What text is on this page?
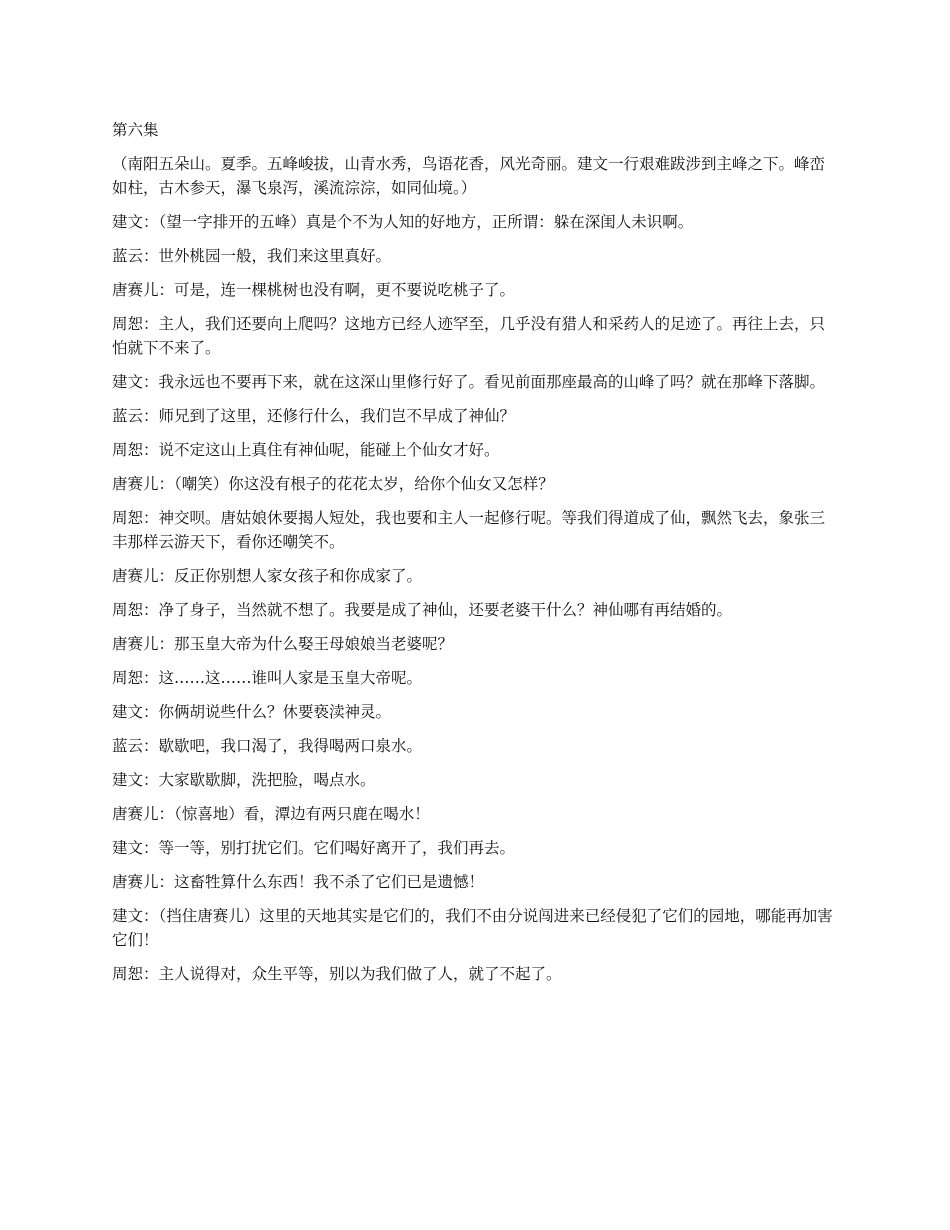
第六集
（南阳五朵山。夏季。五峰峻拔，山青水秀，鸟语花香，风光奇丽。建文一行艰难跋涉到主峰之下。峰峦如柱，古木参天，瀑飞泉泻，溪流淙淙，如同仙境。）
建文：（望一字排开的五峰）真是个不为人知的好地方，正所谓：躲在深闺人未识啊。
蓝云：世外桃园一般，我们来这里真好。
唐赛儿：可是，连一棵桃树也没有啊，更不要说吃桃子了。
周恕：主人，我们还要向上爬吗？这地方已经人迹罕至，几乎没有猎人和采药人的足迹了。再往上去，只怕就下不来了。
建文：我永远也不要再下来，就在这深山里修行好了。看见前面那座最高的山峰了吗？就在那峰下落脚。
蓝云：师兄到了这里，还修行什么，我们岂不早成了神仙？
周恕：说不定这山上真住有神仙呢，能碰上个仙女才好。
唐赛儿：（嘲笑）你这没有根子的花花太岁，给你个仙女又怎样？
周恕：神交呗。唐姑娘休要揭人短处，我也要和主人一起修行呢。等我们得道成了仙，飘然飞去，象张三丰那样云游天下，看你还嘲笑不。
唐赛儿：反正你别想人家女孩子和你成家了。
周恕：净了身子，当然就不想了。我要是成了神仙，还要老婆干什么？神仙哪有再结婚的。
唐赛儿：那玉皇大帝为什么娶王母娘娘当老婆呢？
周恕：这……这……谁叫人家是玉皇大帝呢。
建文：你俩胡说些什么？休要亵渎神灵。
蓝云：歇歇吧，我口渴了，我得喝两口泉水。
建文：大家歇歇脚，洗把脸，喝点水。
唐赛儿：（惊喜地）看，潭边有两只鹿在喝水！
建文：等一等，别打扰它们。它们喝好离开了，我们再去。
唐赛儿：这畜牲算什么东西！我不杀了它们已是遗憾！
建文：（挡住唐赛儿）这里的天地其实是它们的，我们不由分说闯进来已经侵犯了它们的园地，哪能再加害它们！
周恕：主人说得对，众生平等，别以为我们做了人，就了不起了。
